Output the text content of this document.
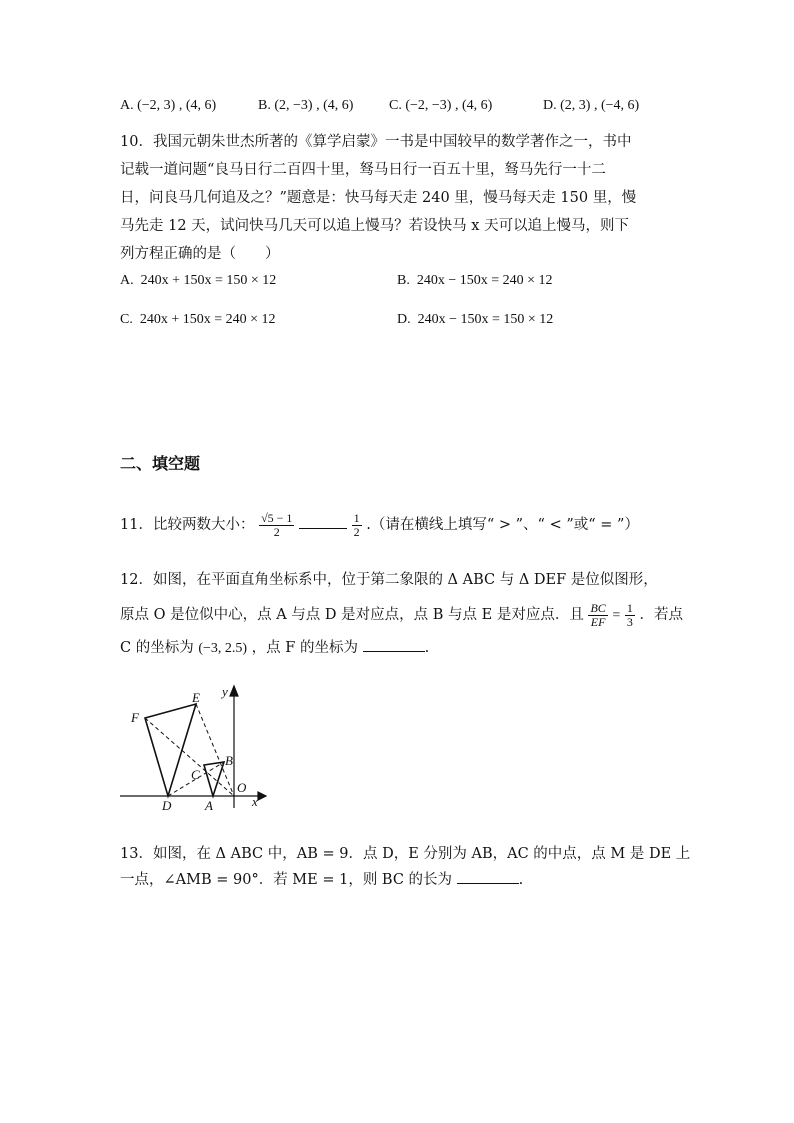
A. (−2, 3) , (4, 6)	B. (2, −3) , (4, 6)	C. (−2, −3) , (4, 6)	D. (2, 3) , (−4, 6)
10．我国元朝朱世杰所著的《算学启蒙》一书是中国较早的数学著作之一，书中
记载一道问题“良马日行二百四十里，驽马日行一百五十里，驽马先行一十二
日，问良马几何追及之？”题意是：快马每天走 240 里，慢马每天走 150 里，慢
马先走 12 天，试问快马几天可以追上慢马？若设快马 x 天可以追上慢马，则下
列方程正确的是（　　）
A. 240x + 150x = 150 × 12	B. 240x − 150x = 240 × 12
C. 240x + 150x = 240 × 12	D. 240x − 150x = 150 × 12
二、填空题
11．比较两数大小： $\frac{√5 - 1}{2}$
	$\frac{1}{2}$ .（请在横线上填写“ > ”、“ < ”或“ = ”）
12．如图，在平面直角坐标系中，位于第二象限的 Δ ABC 与 Δ DEF 是位似图形，
原点 O 是位似中心，点 A 与点 D 是对应点，点 B 与点 E 是对应点．且 $\frac{BC}{EF} = \frac{1}{3}$ ．若点
C 的坐标为 (−3, 2.5) ，点 F 的坐标为	.
F
E
B
C
O
D	A	x
y
13．如图，在 Δ ABC 中，AB = 9．点 D，E 分别为 AB，AC 的中点，点 M 是 DE 上
一点，∠AMB = 90°．若 ME = 1，则 BC 的长为	.
